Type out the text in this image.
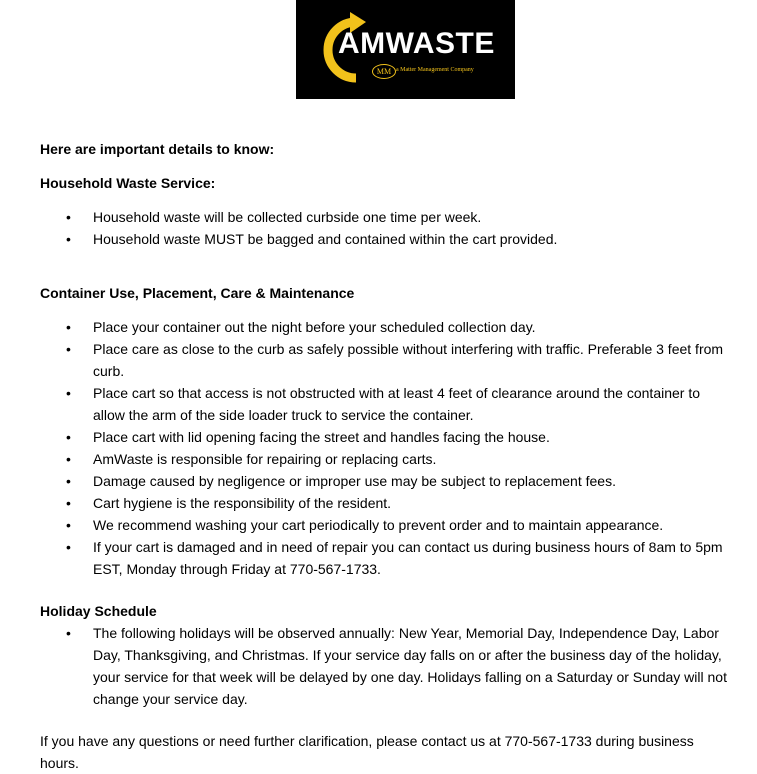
AMWASTE
MM a Matter Management Company

Here are important details to know:

Household Waste Service:

• Household waste will be collected curbside one time per week.
• Household waste MUST be bagged and contained within the cart provided.

Container Use, Placement, Care & Maintenance

• Place your container out the night before your scheduled collection day.
• Place care as close to the curb as safely possible without interfering with traffic. Preferable 3 feet from curb.
• Place cart so that access is not obstructed with at least 4 feet of clearance around the container to allow the arm of the side loader truck to service the container.
• Place cart with lid opening facing the street and handles facing the house.
• AmWaste is responsible for repairing or replacing carts.
• Damage caused by negligence or improper use may be subject to replacement fees.
• Cart hygiene is the responsibility of the resident.
• We recommend washing your cart periodically to prevent order and to maintain appearance.
• If your cart is damaged and in need of repair you can contact us during business hours of 8am to 5pm EST, Monday through Friday at 770-567-1733.

Holiday Schedule

• The following holidays will be observed annually: New Year, Memorial Day, Independence Day, Labor Day, Thanksgiving, and Christmas. If your service day falls on or after the business day of the holiday, your service for that week will be delayed by one day. Holidays falling on a Saturday or Sunday will not change your service day.

If you have any questions or need further clarification, please contact us at 770-567-1733 during business hours.
